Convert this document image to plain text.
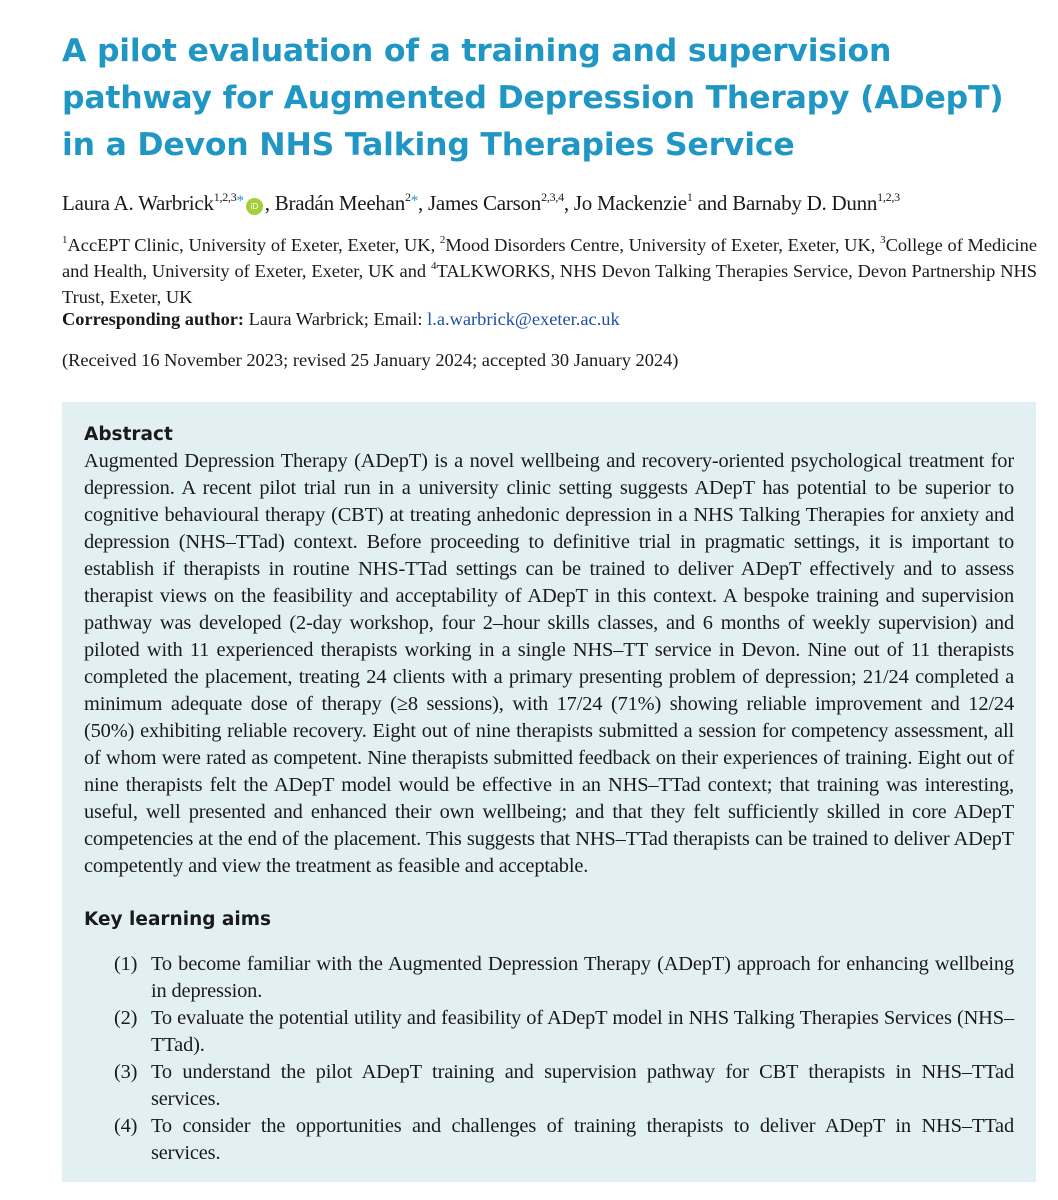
A pilot evaluation of a training and supervision pathway for Augmented Depression Therapy (ADepT) in a Devon NHS Talking Therapies Service
Laura A. Warbrick$^{1,2,3*}$ iD , Bradán Meehan$^{2*}$, James Carson$^{2,3,4}$, Jo Mackenzie$^1$ and Barnaby D. Dunn$^{1,2,3}$
$^1$AccEPT Clinic, University of Exeter, Exeter, UK, $^2$Mood Disorders Centre, University of Exeter, Exeter, UK, $^3$College of Medicine and Health, University of Exeter, Exeter, UK and $^4$TALKWORKS, NHS Devon Talking Therapies Service, Devon Partnership NHS Trust, Exeter, UK
Corresponding author: Laura Warbrick; Email: l.a.warbrick@exeter.ac.uk
(Received 16 November 2023; revised 25 January 2024; accepted 30 January 2024)
Abstract

Augmented Depression Therapy (ADepT) is a novel wellbeing and recovery-oriented psychological treatment for depression. A recent pilot trial run in a university clinic setting suggests ADepT has potential to be superior to cognitive behavioural therapy (CBT) at treating anhedonic depression in a NHS Talking Therapies for anxiety and depression (NHS–TTad) context. Before proceeding to definitive trial in pragmatic settings, it is important to establish if therapists in routine NHS-TTad settings can be trained to deliver ADepT effectively and to assess therapist views on the feasibility and acceptability of ADepT in this context. A bespoke training and supervision pathway was developed (2-day workshop, four 2–hour skills classes, and 6 months of weekly supervision) and piloted with 11 experienced therapists working in a single NHS–TT service in Devon. Nine out of 11 therapists completed the placement, treating 24 clients with a primary presenting problem of depression; 21/24 completed a minimum adequate dose of therapy (≥8 sessions), with 17/24 (71%) showing reliable improvement and 12/24 (50%) exhibiting reliable recovery. Eight out of nine therapists submitted a session for competency assessment, all of whom were rated as competent. Nine therapists submitted feedback on their experiences of training. Eight out of nine therapists felt the ADepT model would be effective in an NHS–TTad context; that training was interesting, useful, well presented and enhanced their own wellbeing; and that they felt sufficiently skilled in core ADepT competencies at the end of the placement. This suggests that NHS–TTad therapists can be trained to deliver ADepT competently and view the treatment as feasible and acceptable.

Key learning aims
(1) To become familiar with the Augmented Depression Therapy (ADepT) approach for enhancing wellbeing in depression.
(2) To evaluate the potential utility and feasibility of ADepT model in NHS Talking Therapies Services (NHS–TTad).
(3) To understand the pilot ADepT training and supervision pathway for CBT therapists in NHS–TTad services.
(4) To consider the opportunities and challenges of training therapists to deliver ADepT in NHS–TTad services.
